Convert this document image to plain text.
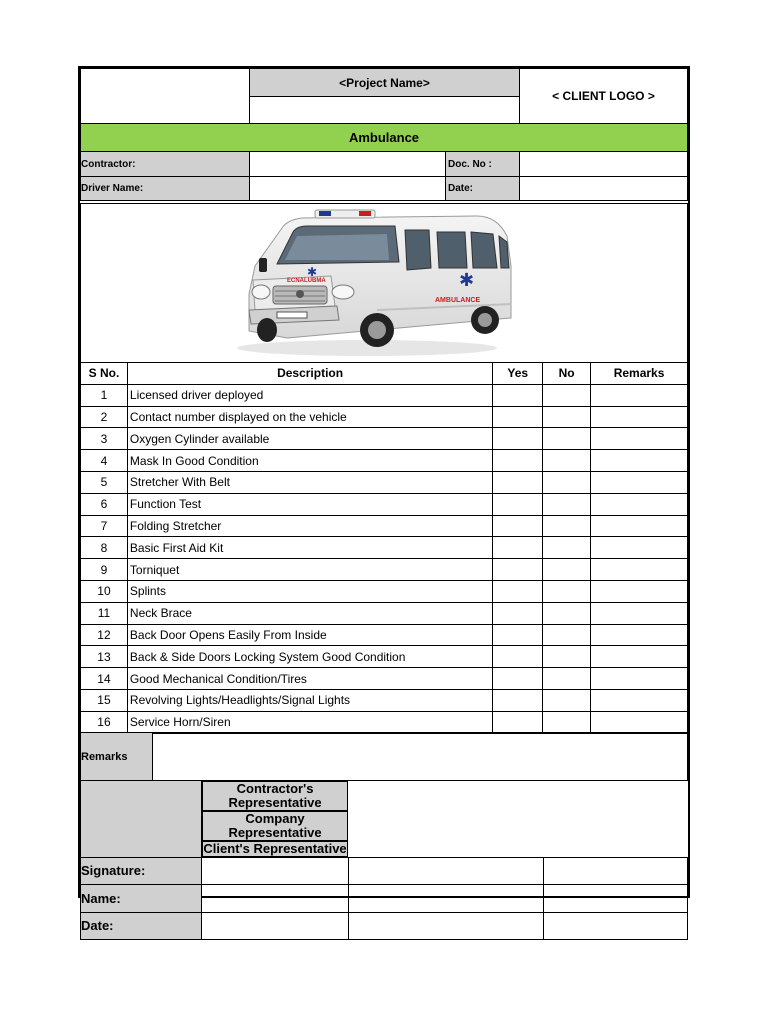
<Project Name>
< CLIENT LOGO >
Ambulance
Contractor:	Doc. No :
Driver Name:	Date:
ECNALUBMA
✱	✱
AMBULANCE
S No.	Description	Yes	No	Remarks
1	Licensed driver deployed			
2	Contact number displayed on the vehicle			
3	Oxygen Cylinder available			
4	Mask In Good Condition			
5	Stretcher With Belt			
6	Function Test			
7	Folding Stretcher			
8	Basic First Aid Kit			
9	Torniquet			
10	Splints			
11	Neck Brace			
12	Back Door Opens Easily From Inside			
13	Back & Side Doors Locking System Good Condition			
14	Good Mechanical Condition/Tires			
15	Revolving Lights/Headlights/Signal Lights			
16	Service Horn/Siren			
Remarks

Contractor's Representative
Company Representative
Client's Representative

Signature:			
Name:			
Date:			
